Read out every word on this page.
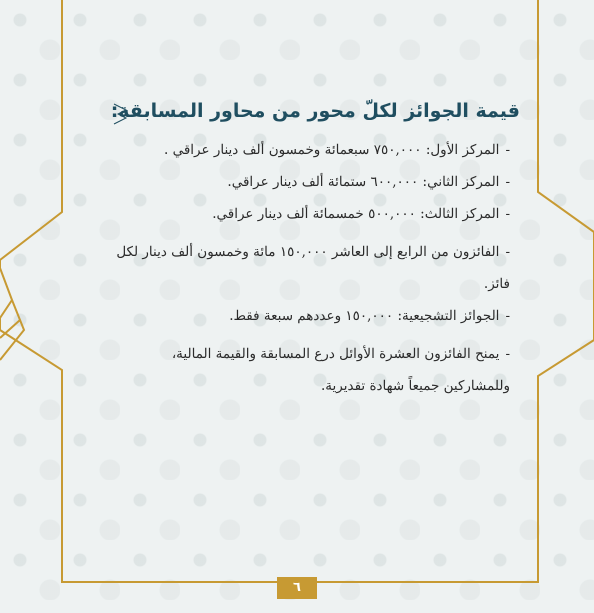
قيمة الجوائز لكلّ محور من محاور المسابقة:

-المركز الأول: ٧٥٠,٠٠٠ سبعمائة وخمسون ألف دينار عراقي .

-المركز الثاني: ٦٠٠,٠٠٠ ستمائة ألف دينار عراقي.

-المركز الثالث: ٥٠٠,٠٠٠ خمسمائة ألف دينار عراقي.

-الفائزون من الرابع إلى العاشر ١٥٠,٠٠٠ مائة وخمسون ألف دينار لكل فائز.

-الجوائز التشجيعية: ١٥٠,٠٠٠ وعددهم سبعة فقط.

-يمنح الفائزون العشرة الأوائل درع المسابقة والقيمة المالية، وللمشاركين جميعاً شهادة تقديرية.

٦
